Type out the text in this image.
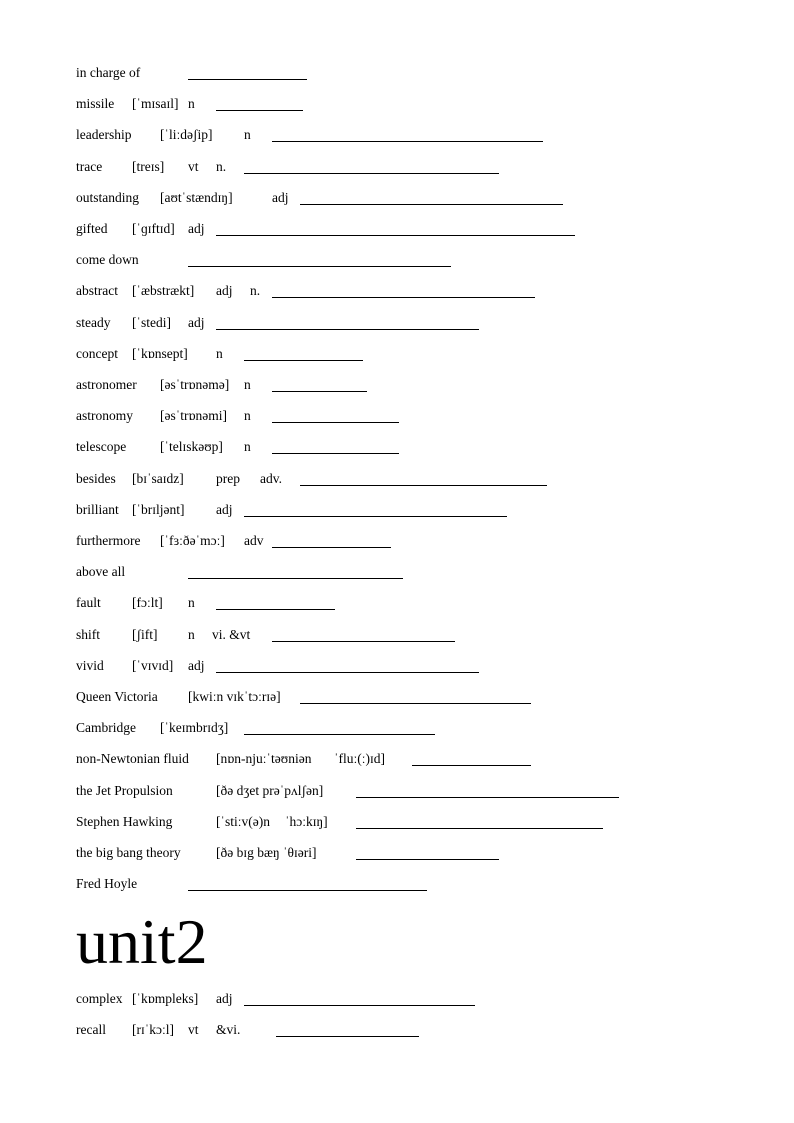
in charge of
missile [ˈmɪsaɪl] n
leadership [ˈliːdəʃip] n
trace [treɪs] vt n.
outstanding [aʊtˈstændɪŋ]	adj
gifted [ˈɡɪftɪd] adj
come down
abstract [ˈæbstrækt] adj n.
steady [ˈstedi] adj
concept [ˈkɒnsept] n
astronomer [əsˈtrɒnəmə] n
astronomy [əsˈtrɒnəmi] n
telescope	[ˈtelɪskəʊp] n
besides [bɪˈsaɪdz] prep adv.
brilliant [ˈbrɪljənt] adj
furthermore [ˈfɜːðəˈmɔː] adv
above all
fault [fɔːlt] n
shift [ʃift] n vi. &vt
vivid [ˈvɪvɪd] adj
Queen Victoria [kwiːn vɪkˈtɔːrɪə]
Cambridge [ˈkeɪmbrɪdʒ]
non-Newtonian fluid [nɒn-njuːˈtəʊniən ˈfluː(ː)ɪd]
the Jet Propulsion	[ðə dʒet prəˈpʌlʃən]
Stephen Hawking	[ˈstiːv(ə)n ˈhɔːkɪŋ]
the big bang theory	[ðə bɪg bæŋ ˈθɪəri]
Fred Hoyle
unit2
complex [ˈkɒmpleks] adj
recall [rɪˈkɔːl] vt &vi.
